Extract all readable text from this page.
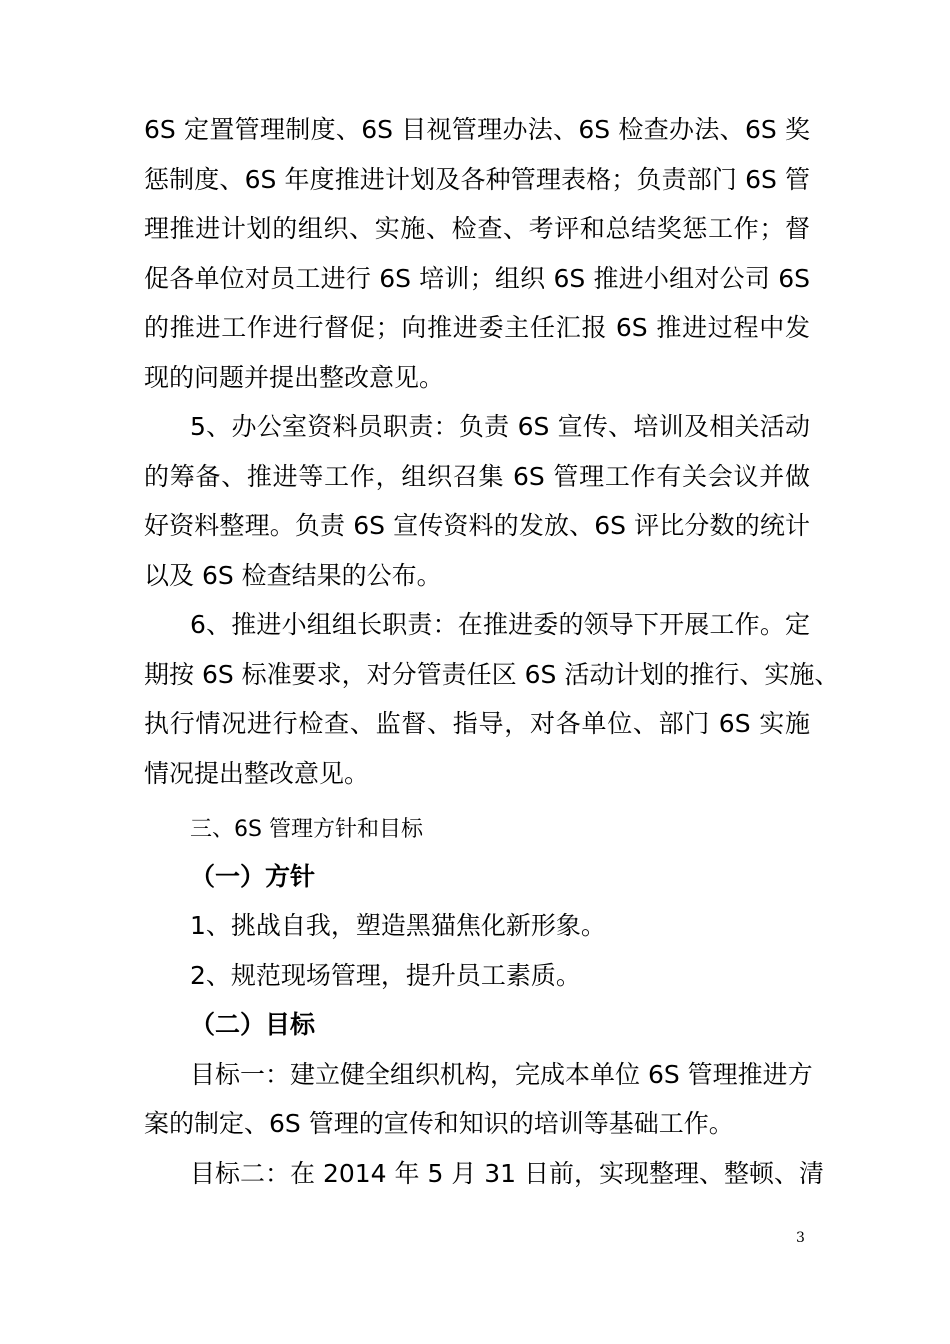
6S 定置管理制度、6S 目视管理办法、6S 检查办法、6S 奖
惩制度、6S 年度推进计划及各种管理表格；负责部门 6S 管
理推进计划的组织、实施、检查、考评和总结奖惩工作；督
促各单位对员工进行 6S 培训；组织 6S 推进小组对公司 6S
的推进工作进行督促；向推进委主任汇报 6S 推进过程中发
现的问题并提出整改意见。
5、办公室资料员职责：负责 6S 宣传、培训及相关活动
的筹备、推进等工作，组织召集 6S 管理工作有关会议并做
好资料整理。负责 6S 宣传资料的发放、6S 评比分数的统计
以及 6S 检查结果的公布。
6、推进小组组长职责：在推进委的领导下开展工作。定
期按 6S 标准要求，对分管责任区 6S 活动计划的推行、实施、
执行情况进行检查、监督、指导，对各单位、部门 6S 实施
情况提出整改意见。
三、6S 管理方针和目标
（一）方针
1、挑战自我，塑造黑猫焦化新形象。
2、规范现场管理，提升员工素质。
（二）目标
目标一：建立健全组织机构，完成本单位 6S 管理推进方
案的制定、6S 管理的宣传和知识的培训等基础工作。
目标二：在 2014 年 5 月 31 日前，实现整理、整顿、清
3
